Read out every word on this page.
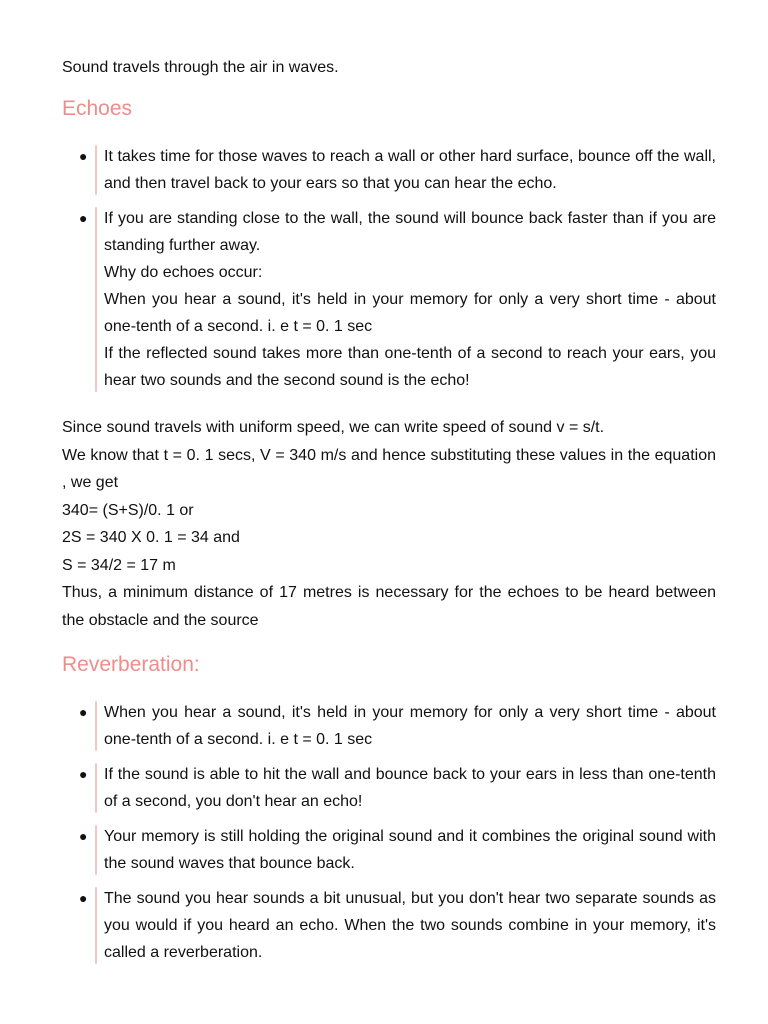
Sound travels through the air in waves.
Echoes
● It takes time for those waves to reach a wall or other hard surface, bounce off the wall, and then travel back to your ears so that you can hear the echo.
● If you are standing close to the wall, the sound will bounce back faster than if you are standing further away.
Why do echoes occur:
When you hear a sound, it's held in your memory for only a very short time - about one-tenth of a second. i. e t = 0. 1 sec
If the reflected sound takes more than one-tenth of a second to reach your ears, you hear two sounds and the second sound is the echo!
Since sound travels with uniform speed, we can write speed of sound v = s/t.
We know that t = 0. 1 secs, V = 340 m/s and hence substituting these values in the equation , we get
340= (S+S)/0. 1 or
2S = 340 X 0. 1 = 34 and
S = 34/2 = 17 m
Thus, a minimum distance of 17 metres is necessary for the echoes to be heard between the obstacle and the source
Reverberation:
● When you hear a sound, it's held in your memory for only a very short time - about one-tenth of a second. i. e t = 0. 1 sec
● If the sound is able to hit the wall and bounce back to your ears in less than one-tenth of a second, you don't hear an echo!
● Your memory is still holding the original sound and it combines the original sound with the sound waves that bounce back.
● The sound you hear sounds a bit unusual, but you don't hear two separate sounds as you would if you heard an echo. When the two sounds combine in your memory, it's called a reverberation.
